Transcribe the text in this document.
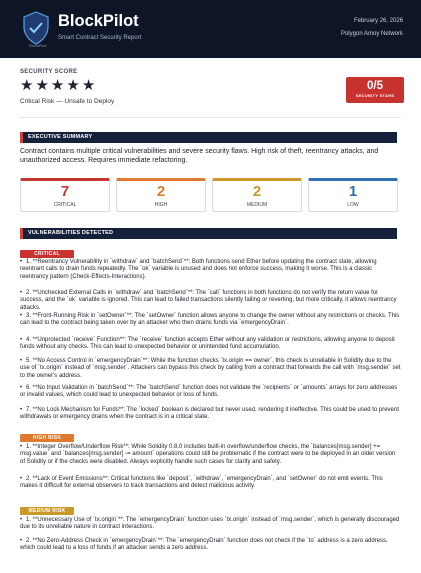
BlockPilot
BlockPilot
Smart Contract Security Report
February 26, 2026
Polygon Amoy Network
SECURITY SCORE
★ ★ ★ ★ ★
Critical Risk — Unsafe to Deploy
0/5
SECURITY STARS
EXECUTIVE SUMMARY
Contract contains multiple critical vulnerabilities and severe security flaws. High risk of theft, reentrancy attacks, and unauthorized access. Requires immediate refactoring.
7
CRITICAL
2
HIGH
2
MEDIUM
1
LOW
VULNERABILITIES DETECTED
CRITICAL
• 1. **Reentrancy Vulnerability in `withdraw` and `batchSend`**: Both functions send Ether before updating the contract state, allowing reentrant calls to drain funds repeatedly. The `ok` variable is unused and does not enforce success, making it worse. This is a classic reentrancy pattern (Check-Effects-Interactions).
• 2. **Unchecked External Calls in `withdraw` and `batchSend`**: The `call` functions in both functions do not verify the return value for success, and the `ok` variable is ignored. This can lead to failed transactions silently failing or reverting, but more critically, it allows reentrancy attacks.
• 3. **Front-Running Risk in `setOwner`**: The `setOwner` function allows anyone to change the owner without any restrictions or checks. This can lead to the contract being taken over by an attacker who then drains funds via `emergencyDrain`.
• 4. **Unprotected `receive` Function**: The `receive` function accepts Ether without any validation or restrictions, allowing anyone to deposit funds without any checks. This can lead to unexpected behavior or unintended fund accumulation.
• 5. **No Access Control in `emergencyDrain`**: While the function checks `tx.origin == owner`, this check is unreliable in Solidity due to the use of `tx.origin` instead of `msg.sender`. Attackers can bypass this check by calling from a contract that forwards the call with `msg.sender` set to the owner's address.
• 6. **No Input Validation in `batchSend`**: The `batchSend` function does not validate the `recipients` or `amounts` arrays for zero addresses or invalid values, which could lead to unexpected behavior or loss of funds.
• 7. **No Lock Mechanism for Funds**: The `locked` boolean is declared but never used, rendering it ineffective. This could be used to prevent withdrawals or emergency drains when the contract is in a critical state.
HIGH RISK
• 1. **Integer Overflow/Underflow Risk**: While Solidity 0.8.0 includes built-in overflow/underflow checks, the `balances[msg.sender] += msg.value` and `balances[msg.sender] -= amount` operations could still be problematic if the contract were to be deployed in an older version of Solidity or if the checks were disabled. Always explicitly handle such cases for clarity and safety.
• 2. **Lack of Event Emissions**: Critical functions like `deposit`, `withdraw`, `emergencyDrain`, and `setOwner` do not emit events. This makes it difficult for external observers to track transactions and detect malicious activity.
MEDIUM RISK
• 1. **Unnecessary Use of `tx.origin`**: The `emergencyDrain` function uses `tx.origin` instead of `msg.sender`, which is generally discouraged due to its unreliable nature in contract interactions.
• 2. **No Zero-Address Check in `emergencyDrain`**: The `emergencyDrain` function does not check if the `to` address is a zero address, which could lead to a loss of funds if an attacker sends a zero address.
